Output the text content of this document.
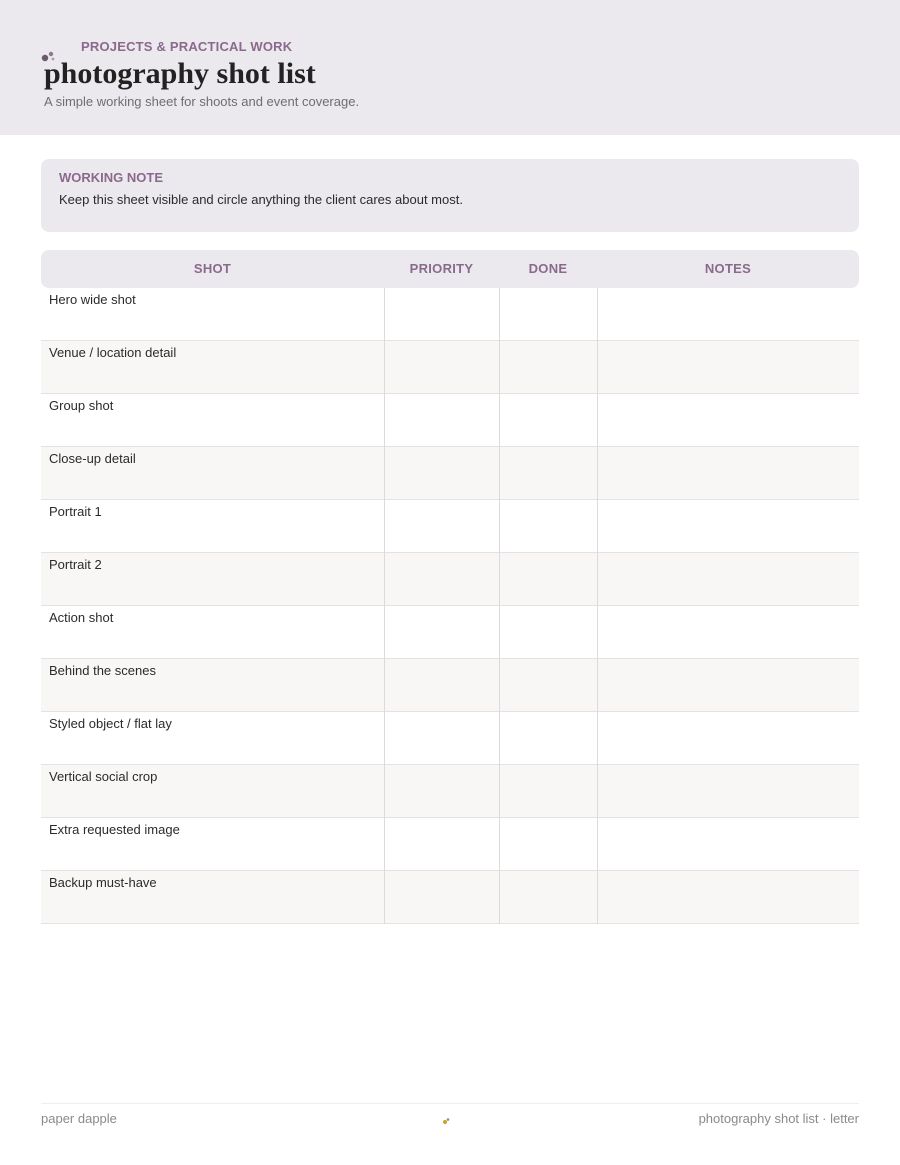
PROJECTS & PRACTICAL WORK
photography shot list
A simple working sheet for shoots and event coverage.
WORKING NOTE
Keep this sheet visible and circle anything the client cares about most.
SHOT	PRIORITY	DONE	NOTES
Hero wide shot
Venue / location detail
Group shot
Close-up detail
Portrait 1
Portrait 2
Action shot
Behind the scenes
Styled object / flat lay
Vertical social crop
Extra requested image
Backup must-have
paper dapple	photography shot list · letter
